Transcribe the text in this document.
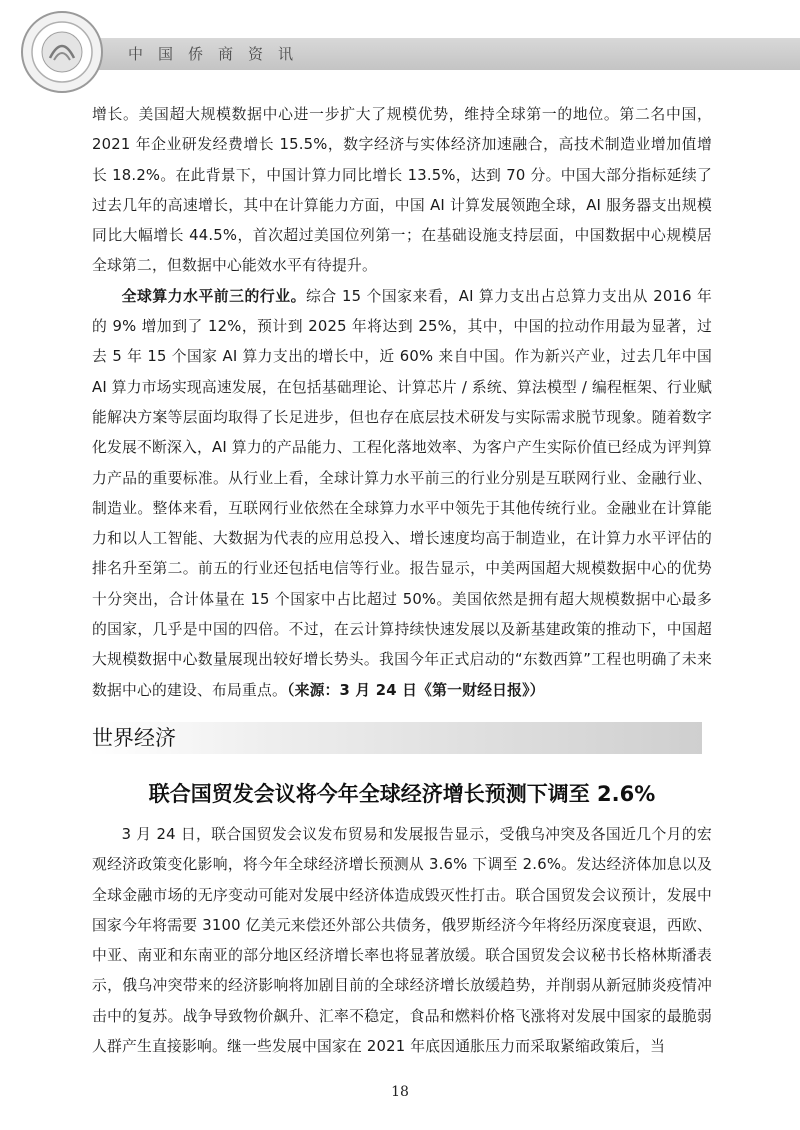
中国侨商资讯

增长。美国超大规模数据中心进一步扩大了规模优势，维持全球第一的地位。第二名中国，2021 年企业研发经费增长 15.5%，数字经济与实体经济加速融合，高技术制造业增加值增长 18.2%。在此背景下，中国计算力同比增长 13.5%，达到 70 分。中国大部分指标延续了过去几年的高速增长，其中在计算能力方面，中国 AI 计算发展领跑全球，AI 服务器支出规模同比大幅增长 44.5%，首次超过美国位列第一；在基础设施支持层面，中国数据中心规模居全球第二，但数据中心能效水平有待提升。

全球算力水平前三的行业。综合 15 个国家来看，AI 算力支出占总算力支出从 2016 年的 9% 增加到了 12%，预计到 2025 年将达到 25%，其中，中国的拉动作用最为显著，过去 5 年 15 个国家 AI 算力支出的增长中，近 60% 来自中国。作为新兴产业，过去几年中国 AI 算力市场实现高速发展，在包括基础理论、计算芯片 / 系统、算法模型 / 编程框架、行业赋能解决方案等层面均取得了长足进步，但也存在底层技术研发与实际需求脱节现象。随着数字化发展不断深入，AI 算力的产品能力、工程化落地效率、为客户产生实际价值已经成为评判算力产品的重要标准。从行业上看，全球计算力水平前三的行业分别是互联网行业、金融行业、制造业。整体来看，互联网行业依然在全球算力水平中领先于其他传统行业。金融业在计算能力和以人工智能、大数据为代表的应用总投入、增长速度均高于制造业，在计算力水平评估的排名升至第二。前五的行业还包括电信等行业。报告显示，中美两国超大规模数据中心的优势十分突出，合计体量在 15 个国家中占比超过 50%。美国依然是拥有超大规模数据中心最多的国家，几乎是中国的四倍。不过，在云计算持续快速发展以及新基建政策的推动下，中国超大规模数据中心数量展现出较好增长势头。我国今年正式启动的“东数西算”工程也明确了未来数据中心的建设、布局重点。（来源：3 月 24 日《第一财经日报》）

世界经济
联合国贸发会议将今年全球经济增长预测下调至 2.6%

3 月 24 日，联合国贸发会议发布贸易和发展报告显示，受俄乌冲突及各国近几个月的宏观经济政策变化影响，将今年全球经济增长预测从 3.6% 下调至 2.6%。发达经济体加息以及全球金融市场的无序变动可能对发展中经济体造成毁灭性打击。联合国贸发会议预计，发展中国家今年将需要 3100 亿美元来偿还外部公共债务，俄罗斯经济今年将经历深度衰退，西欧、中亚、南亚和东南亚的部分地区经济增长率也将显著放缓。联合国贸发会议秘书长格林斯潘表示，俄乌冲突带来的经济影响将加剧目前的全球经济增长放缓趋势，并削弱从新冠肺炎疫情冲击中的复苏。战争导致物价飙升、汇率不稳定，食品和燃料价格飞涨将对发展中国家的最脆弱人群产生直接影响。继一些发展中国家在 2021 年底因通胀压力而采取紧缩政策后，当

18
